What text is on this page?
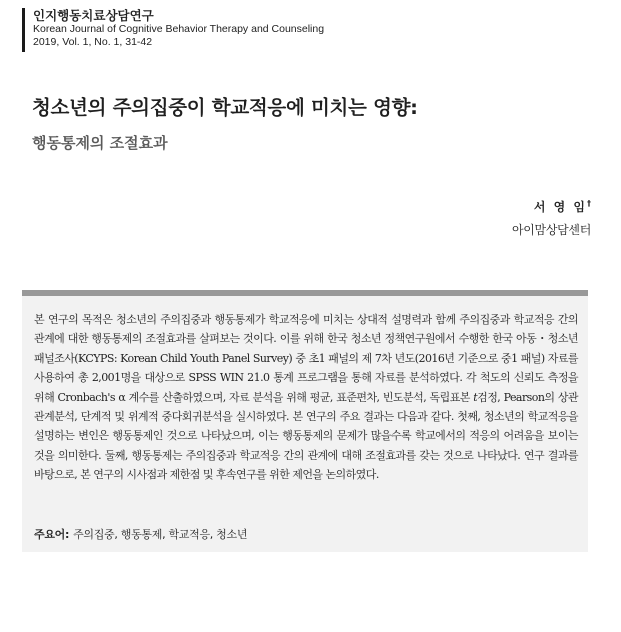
인지행동치료상담연구
Korean Journal of Cognitive Behavior Therapy and Counseling
2019, Vol. 1, No. 1, 31-42
청소년의 주의집중이 학교적응에 미치는 영향:
행동통제의 조절효과
서 영 임†
아이맘상담센터

본 연구의 목적은 청소년의 주의집중과 행동통제가 학교적응에 미치는 상대적 설명력과 함께 주의집중과 학교적응 간의 관계에 대한 행동통제의 조절효과를 살펴보는 것이다. 이를 위해 한국 청소년 정책연구원에서 수행한 한국 아동・청소년 패널조사(KCYPS: Korean Child Youth Panel Survey) 중 초1 패널의 제 7차 년도(2016년 기준으로 중1 패널) 자료를 사용하여 총 2,001명을 대상으로 SPSS WIN 21.0 통계 프로그램을 통해 자료를 분석하였다. 각 척도의 신뢰도 측정을 위해 Cronbach's α 계수를 산출하였으며, 자료 분석을 위해 평균, 표준편차, 빈도분석, 독립표본 t검정, Pearson의 상관관계분석, 단계적 및 위계적 중다회귀분석을 실시하였다. 본 연구의 주요 결과는 다음과 같다. 첫째, 청소년의 학교적응을 설명하는 변인은 행동통제인 것으로 나타났으며, 이는 행동통제의 문제가 많을수록 학교에서의 적응의 어려움을 보이는 것을 의미한다. 둘째, 행동통제는 주의집중과 학교적응 간의 관계에 대해 조절효과를 갖는 것으로 나타났다. 연구 결과를 바탕으로, 본 연구의 시사점과 제한점 및 후속연구를 위한 제언을 논의하였다.

주요어: 주의집중, 행동통제, 학교적응, 청소년
